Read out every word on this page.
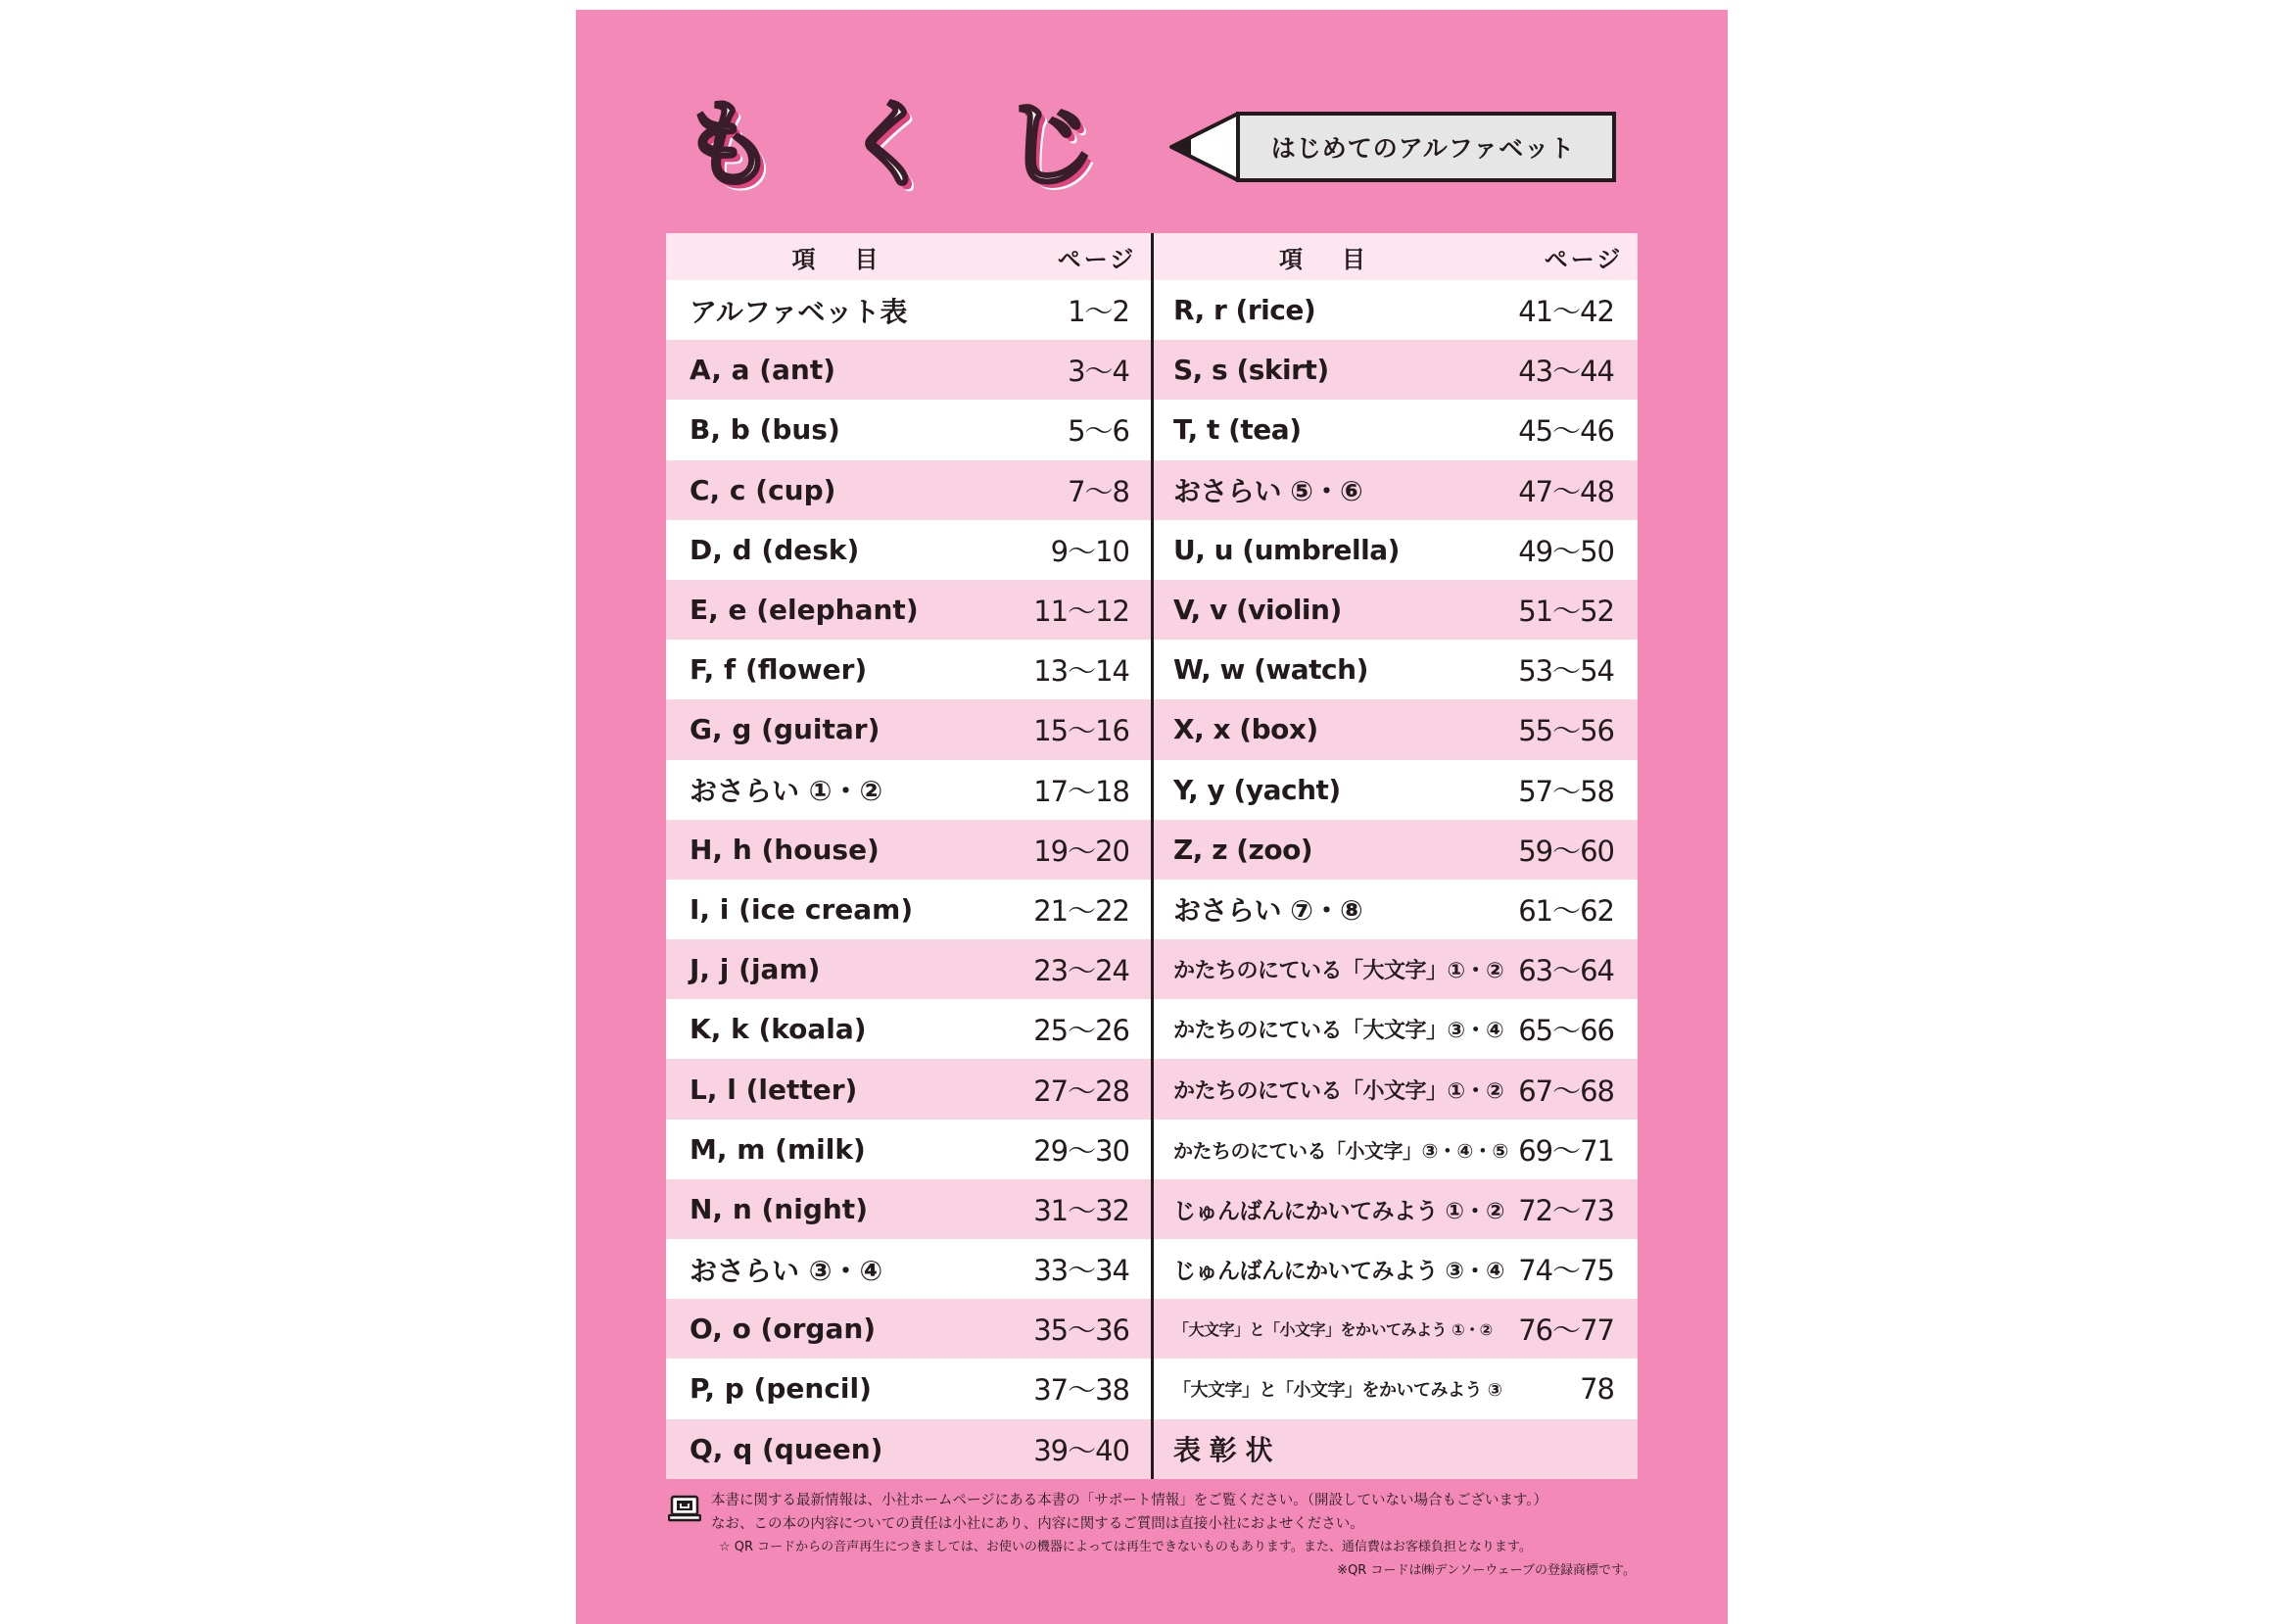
も く じ	はじめてのアルファベット
項目	ページ
アルファベット表	1〜2
A, a (ant)	3〜4
B, b (bus)	5〜6
C, c (cup)	7〜8
D, d (desk)	9〜10
E, e (elephant)	11〜12
F, f (flower)	13〜14
G, g (guitar)	15〜16
おさらい ①・②	17〜18
H, h (house)	19〜20
I, i (ice cream)	21〜22
J, j (jam)	23〜24
K, k (koala)	25〜26
L, l (letter)	27〜28
M, m (milk)	29〜30
N, n (night)	31〜32
おさらい ③・④	33〜34
O, o (organ)	35〜36
P, p (pencil)	37〜38
Q, q (queen)	39〜40
項目	ページ
R, r (rice)	41〜42
S, s (skirt)	43〜44
T, t (tea)	45〜46
おさらい ⑤・⑥	47〜48
U, u (umbrella)	49〜50
V, v (violin)	51〜52
W, w (watch)	53〜54
X, x (box)	55〜56
Y, y (yacht)	57〜58
Z, z (zoo)	59〜60
おさらい ⑦・⑧	61〜62
かたちのにている「大文字」①・② 63〜64
かたちのにている「大文字」③・④ 65〜66
かたちのにている「小文字」①・② 67〜68
かたちのにている「小文字」③・④・⑤ 69〜71
じゅんばんにかいてみよう ①・② 72〜73
じゅんばんにかいてみよう ③・④ 74〜75
「大文字」と「小文字」をかいてみよう ①・② 76〜77
「大文字」と「小文字」をかいてみよう ③	78
表 彰 状
本書に関する最新情報は、小社ホームページにある本書の「サポート情報」をご覧ください。（開設していない場合もございます。）
なお、この本の内容についての責任は小社にあり、内容に関するご質問は直接小社におよせください。
☆ QR コードからの音声再生につきましては、お使いの機器によっては再生できないものもあります。また、通信費はお客様負担となります。
※QR コードは㈱デンソーウェーブの登録商標です。
